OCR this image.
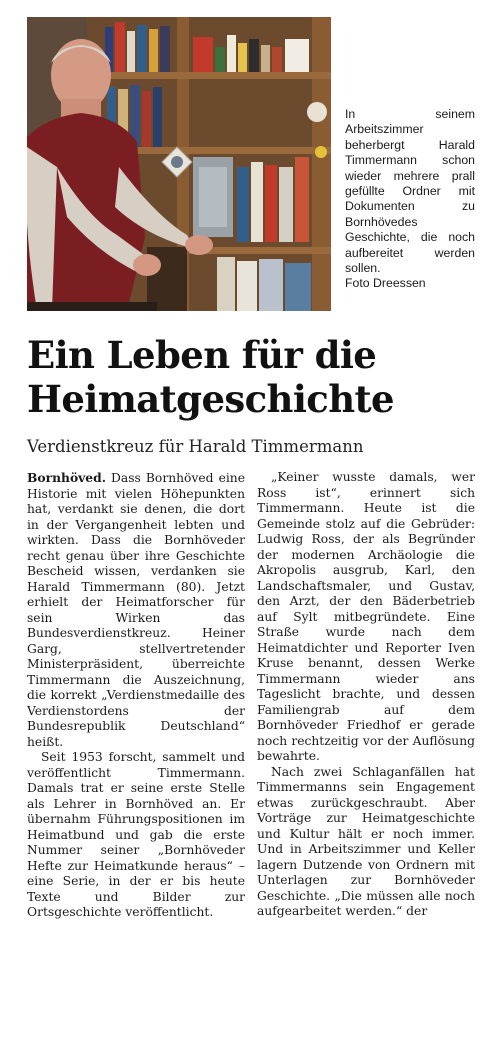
In seinem Arbeitszimmer beherbergt Harald Timmermann schon wieder mehrere prall gefüllte Ordner mit Dokumenten zu Bornhövedes Geschichte, die noch aufbereitet werden sollen.
Foto Dreessen
Ein Leben für die
Heimatgeschichte
Verdienstkreuz für Harald Timmermann

Bornhöved. Dass Bornhöved eine Historie mit vielen Höhepunkten hat, verdankt sie denen, die dort in der Vergangenheit lebten und wirkten. Dass die Bornhöveder recht genau über ihre Geschichte Bescheid wissen, verdanken sie Harald Timmermann (80). Jetzt erhielt der Heimatforscher für sein Wirken das Bundesverdienstkreuz. Heiner Garg, stellvertretender Ministerpräsident, überreichte Timmermann die Auszeichnung, die korrekt „Verdienstmedaille des Verdienstordens der Bundesrepublik Deutschland“ heißt.

Seit 1953 forscht, sammelt und veröffentlicht Timmermann. Damals trat er seine erste Stelle als Lehrer in Bornhöved an. Er übernahm Führungspositionen im Heimatbund und gab die erste Nummer seiner „Bornhöveder Hefte zur Heimatkunde heraus“ – eine Serie, in der er bis heute Texte und Bilder zur Ortsgeschichte veröffentlicht.

„Keiner wusste damals, wer Ross ist“, erinnert sich Timmermann. Heute ist die Gemeinde stolz auf die Gebrüder: Ludwig Ross, der als Begründer der modernen Archäologie die Akropolis ausgrub, Karl, den Landschaftsmaler, und Gustav, den Arzt, der den Bäderbetrieb auf Sylt mitbegründete. Eine Straße wurde nach dem Heimatdichter und Reporter Iven Kruse benannt, dessen Werke Timmermann wieder ans Tageslicht brachte, und dessen Familiengrab auf dem Bornhöveder Friedhof er gerade noch rechtzeitig vor der Auflösung bewahrte.

Nach zwei Schlaganfällen hat Timmermanns sein Engagement etwas zurückgeschraubt. Aber Vorträge zur Heimatgeschichte und Kultur hält er noch immer. Und in Arbeitszimmer und Keller lagern Dutzende von Ordnern mit Unterlagen zur Bornhöveder Geschichte. „Die müssen alle noch aufgearbeitet werden.“ der
